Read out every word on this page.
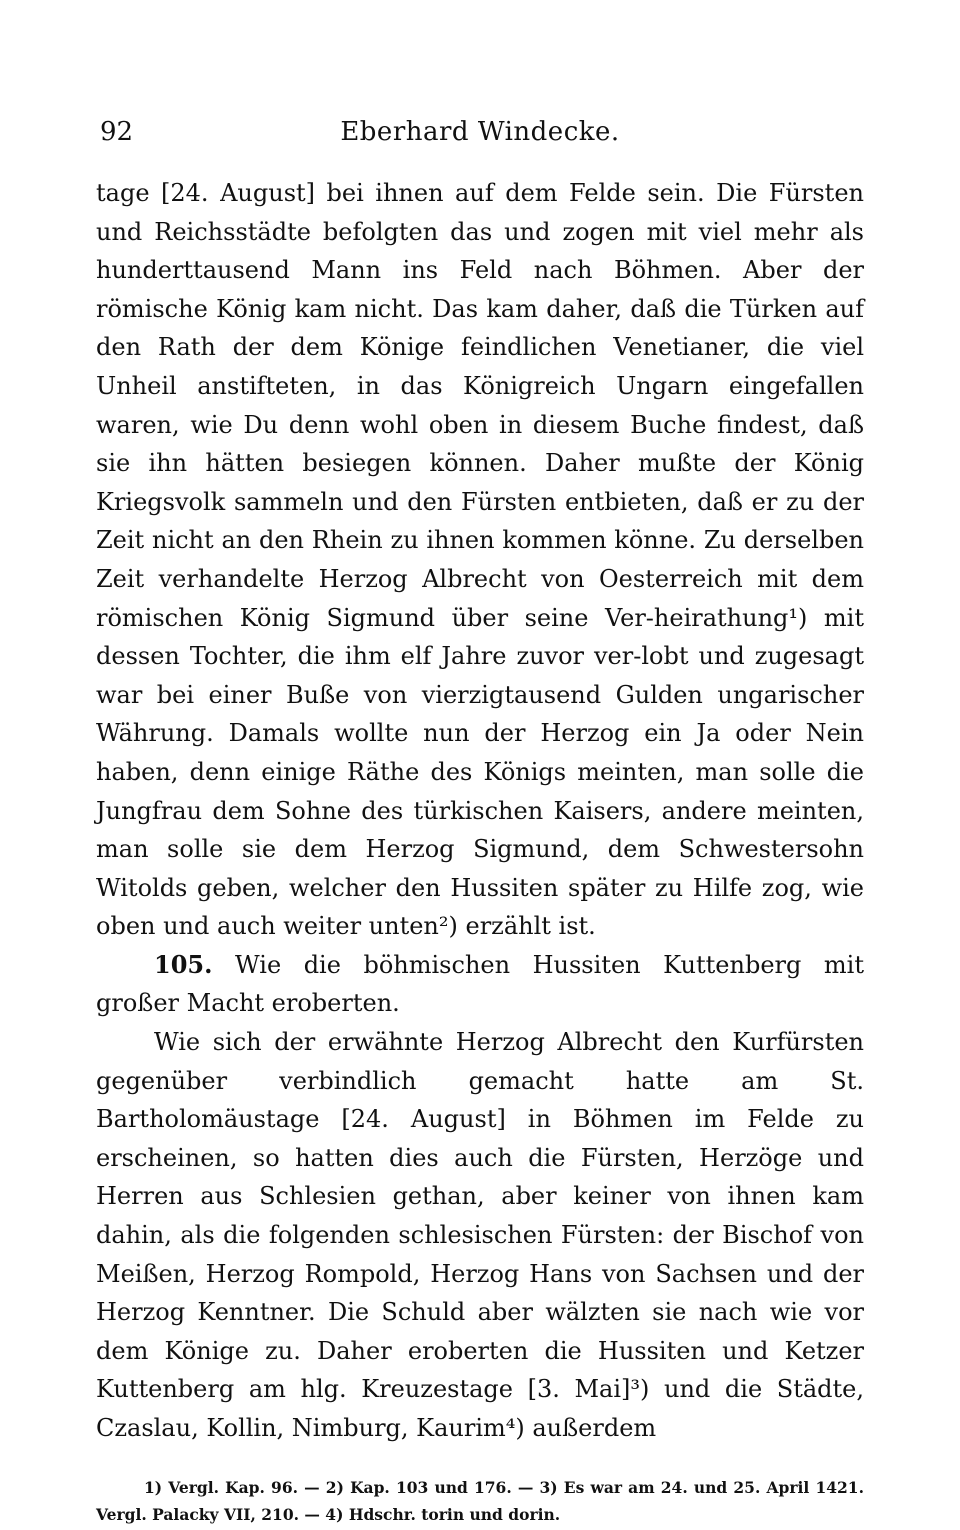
92	Eberhard Windecke.

tage [24. August] bei ihnen auf dem Felde sein. Die Fürsten und Reichsstädte befolgten das und zogen mit viel mehr als hunderttausend Mann ins Feld nach Böhmen. Aber der römische König kam nicht. Das kam daher, daß die Türken auf den Rath der dem Könige feindlichen Venetianer, die viel Unheil anstifteten, in das Königreich Ungarn eingefallen waren, wie Du denn wohl oben in diesem Buche findest, daß sie ihn hätten besiegen können. Daher mußte der König Kriegsvolk sammeln und den Fürsten entbieten, daß er zu der Zeit nicht an den Rhein zu ihnen kommen könne. Zu derselben Zeit verhandelte Herzog Albrecht von Oesterreich mit dem römischen König Sigmund über seine Ver-heirathung¹) mit dessen Tochter, die ihm elf Jahre zuvor ver-lobt und zugesagt war bei einer Buße von vierzigtausend Gulden ungarischer Währung. Damals wollte nun der Herzog ein Ja oder Nein haben, denn einige Räthe des Königs meinten, man solle die Jungfrau dem Sohne des türkischen Kaisers, andere meinten, man solle sie dem Herzog Sigmund, dem Schwestersohn Witolds geben, welcher den Hussiten später zu Hilfe zog, wie oben und auch weiter unten²) erzählt ist.

105. Wie die böhmischen Hussiten Kuttenberg mit großer Macht eroberten.

Wie sich der erwähnte Herzog Albrecht den Kurfürsten gegenüber verbindlich gemacht hatte am St. Bartholomäustage [24. August] in Böhmen im Felde zu erscheinen, so hatten dies auch die Fürsten, Herzöge und Herren aus Schlesien gethan, aber keiner von ihnen kam dahin, als die folgenden schlesischen Fürsten: der Bischof von Meißen, Herzog Rompold, Herzog Hans von Sachsen und der Herzog Kenntner. Die Schuld aber wälzten sie nach wie vor dem Könige zu. Daher eroberten die Hussiten und Ketzer Kuttenberg am hlg. Kreuzestage [3. Mai]³) und die Städte, Czaslau, Kollin, Nimburg, Kaurim⁴) außerdem

1) Vergl. Kap. 96. — 2) Kap. 103 und 176. — 3) Es war am 24. und 25. April 1421. Vergl. Palacky VII, 210. — 4) Hdschr. torin und dorin.
